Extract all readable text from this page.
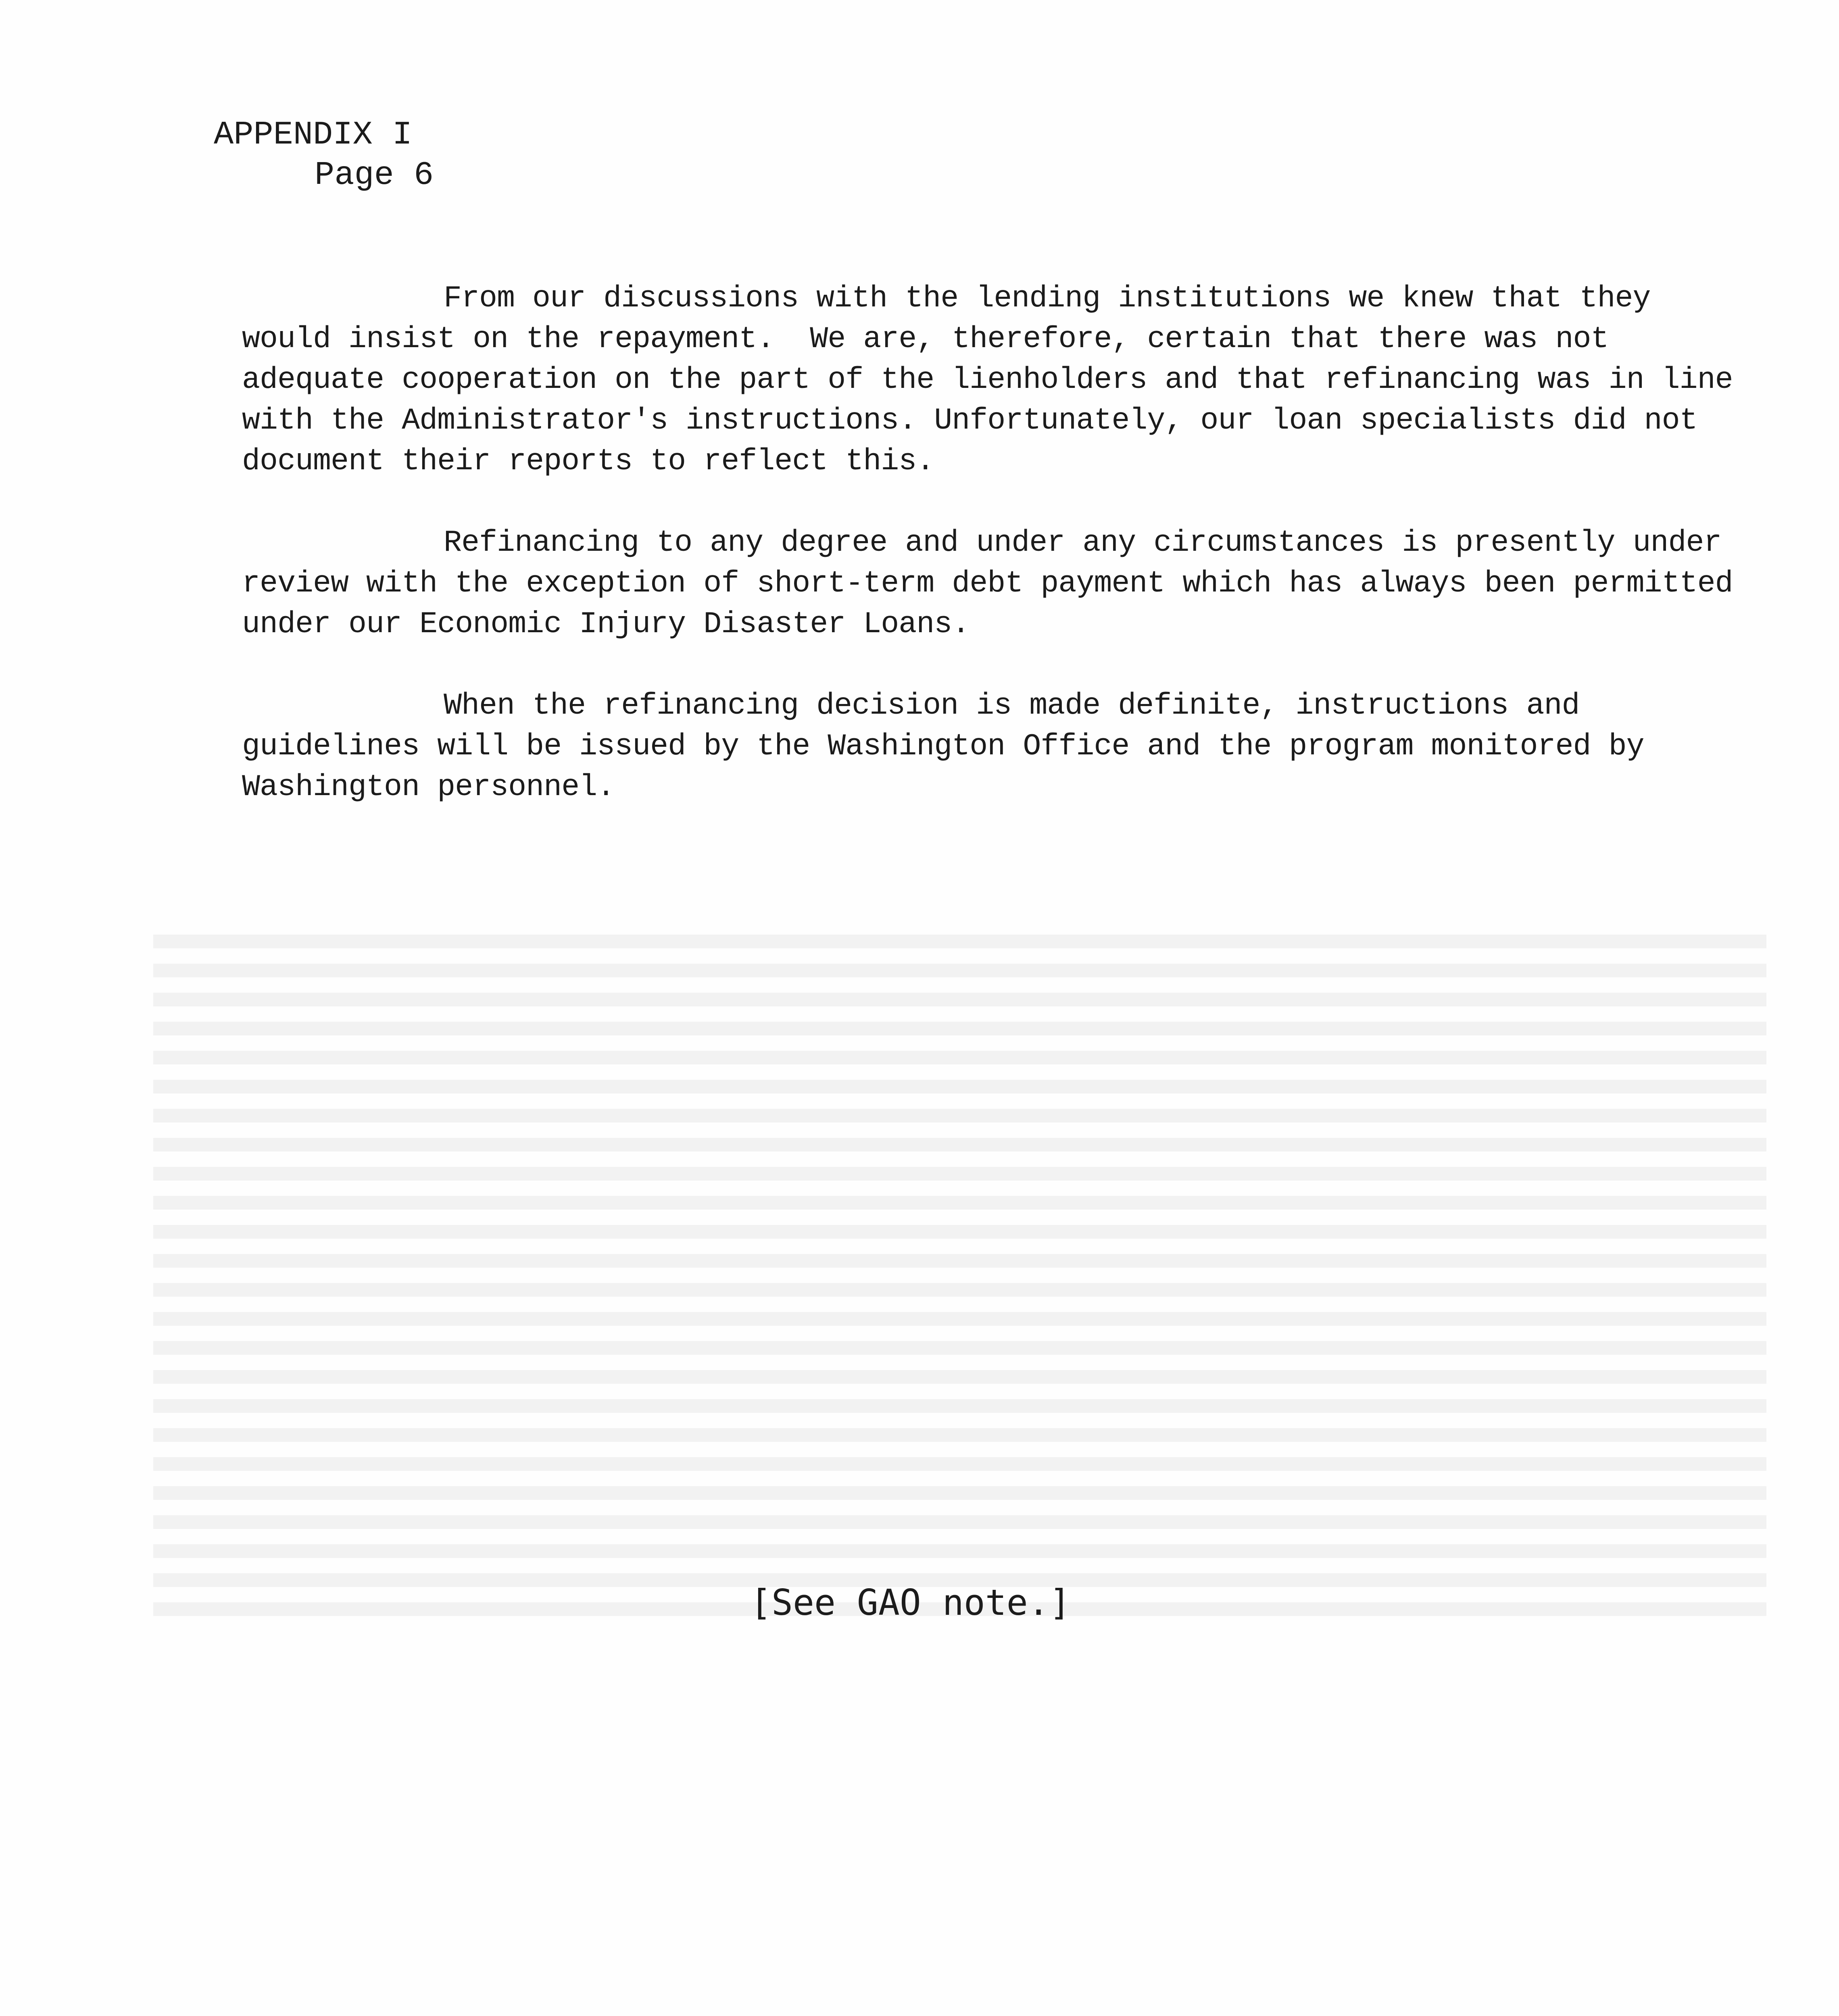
APPENDIX I
Page 6

From our discussions with the lending institutions we knew that they would insist on the repayment.  We are, therefore, certain that there was not adequate cooperation on the part of the lienholders and that refinancing was in line with the Administrator's instructions. Unfortunately, our loan specialists did not document their reports to reflect this.

Refinancing to any degree and under any circumstances is presently under review with the exception of short-term debt payment which has always been permitted under our Economic Injury Disaster Loans.

When the refinancing decision is made definite, instructions and guidelines will be issued by the Washington Office and the program monitored by Washington personnel.

[See GAO note.]
